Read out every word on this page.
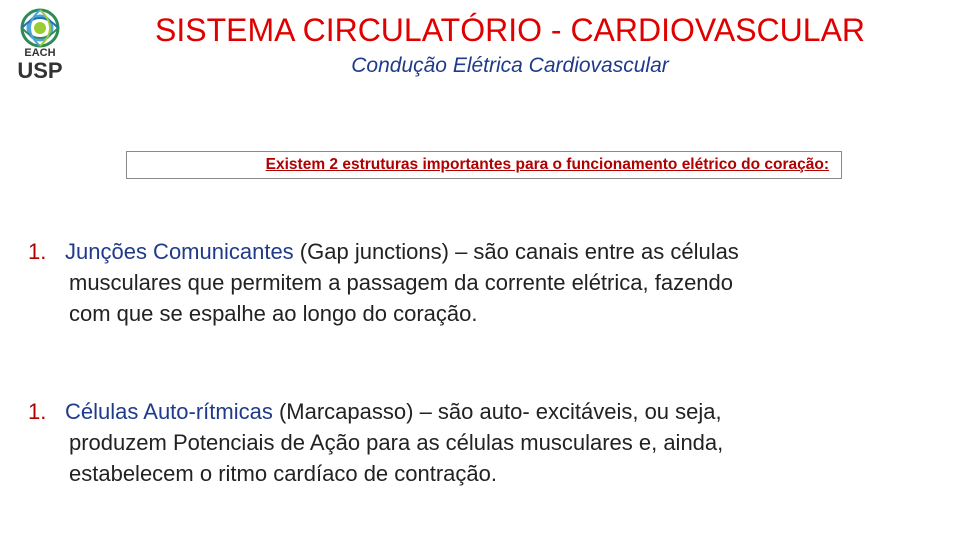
EACH
USP
SISTEMA CIRCULATÓRIO - CARDIOVASCULAR
Condução Elétrica Cardiovascular
Existem 2 estruturas importantes para o funcionamento elétrico do coração:
1. Junções Comunicantes (Gap junctions) – são canais entre as células
musculares que permitem a passagem da corrente elétrica, fazendo
com que se espalhe ao longo do coração.
1. Células Auto-rítmicas (Marcapasso) – são auto- excitáveis, ou seja,
produzem Potenciais de Ação para as células musculares e, ainda,
estabelecem o ritmo cardíaco de contração.
